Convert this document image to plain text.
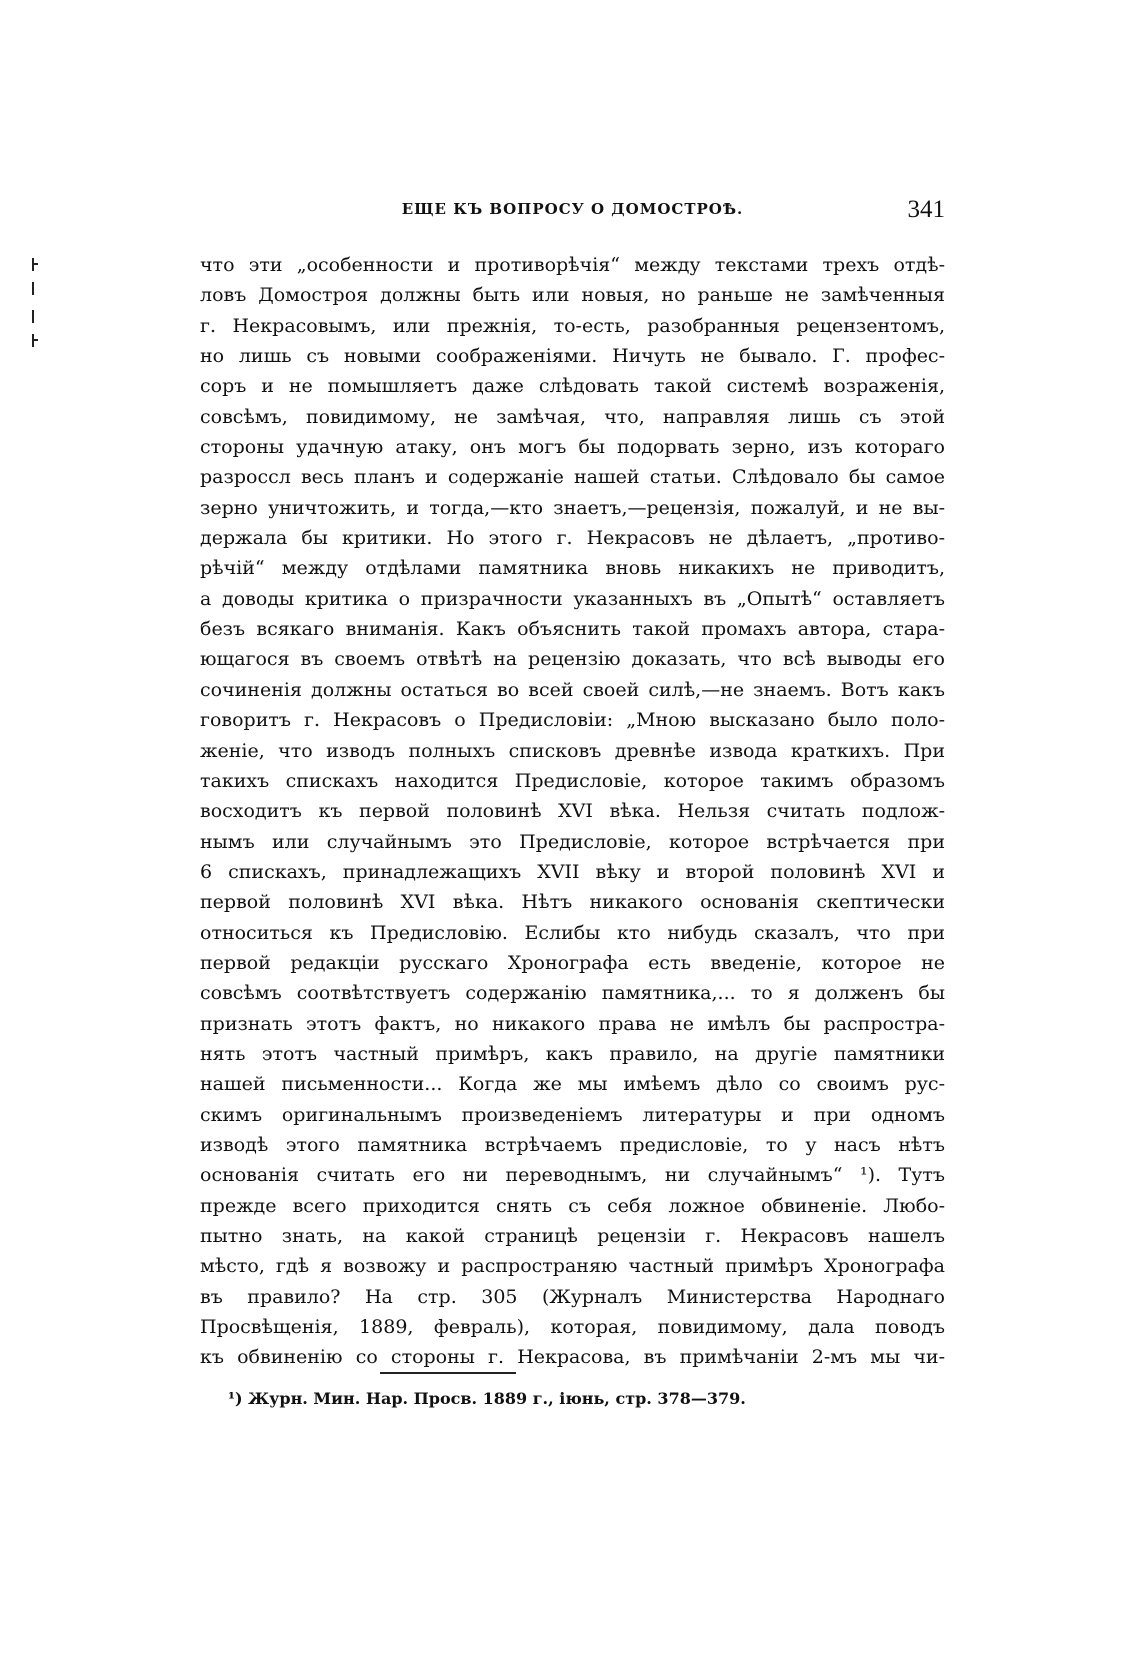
ЕЩЕ КЪ ВОПРОСУ О ДОМОСТРОѢ.	341
что эти „особенности и противорѣчія“ между текстами трехъ отдѣ-
ловъ Домостроя должны быть или новыя, но раньше не замѣченныя
г. Некрасовымъ, или прежнія, то-есть, разобранныя рецензентомъ,
но лишь съ новыми соображеніями. Ничуть не бывало. Г. профес-
соръ и не помышляетъ даже слѣдовать такой системѣ возраженія,
совсѣмъ, повидимому, не замѣчая, что, направляя лишь съ этой
стороны удачную атаку, онъ могъ бы подорвать зерно, изъ котораго
разроссл весь планъ и содержаніе нашей статьи. Слѣдовало бы самое
зерно уничтожить, и тогда,—кто знаетъ,—рецензія, пожалуй, и не вы-
держала бы критики. Но этого г. Некрасовъ не дѣлаетъ, „противо-
рѣчій“ между отдѣлами памятника вновь никакихъ не приводитъ,
а доводы критика о призрачности указанныхъ въ „Опытѣ“ оставляетъ
безъ всякаго вниманія. Какъ объяснить такой промахъ автора, стара-
ющагося въ своемъ отвѣтѣ на рецензію доказать, что всѣ выводы его
сочиненія должны остаться во всей своей силѣ,—не знаемъ. Вотъ какъ
говоритъ г. Некрасовъ о Предисловіи: „Мною высказано было поло-
женіе, что изводъ полныхъ списковъ древнѣе извода краткихъ. При
такихъ спискахъ находится Предисловіе, которое такимъ образомъ
восходитъ къ первой половинѣ XVI вѣка. Нельзя считать подлож-
нымъ или случайнымъ это Предисловіе, которое встрѣчается при
6 спискахъ, принадлежащихъ XVII вѣку и второй половинѣ XVI и
первой половинѣ XVI вѣка. Нѣтъ никакого основанія скептически
относиться къ Предисловію. Еслибы кто нибудь сказалъ, что при
первой редакціи русскаго Хронографа есть введеніе, которое не
совсѣмъ соотвѣтствуетъ содержанію памятника,... то я долженъ бы
признать этотъ фактъ, но никакого права не имѣлъ бы распростра-
нять этотъ частный примѣръ, какъ правило, на другіе памятники
нашей письменности... Когда же мы имѣемъ дѣло со своимъ рус-
скимъ оригинальнымъ произведеніемъ литературы и при одномъ
изводѣ этого памятника встрѣчаемъ предисловіе, то у насъ нѣтъ
основанія считать его ни переводнымъ, ни случайнымъ“ ¹). Тутъ
прежде всего приходится снять съ себя ложное обвиненіе. Любо-
пытно знать, на какой страницѣ рецензіи г. Некрасовъ нашелъ
мѣсто, гдѣ я возвожу и распространяю частный примѣръ Хронографа
въ правило? На стр. 305 (Журналъ Министерства Народнаго
Просвѣщенія, 1889, февраль), которая, повидимому, дала поводъ
къ обвиненію со стороны г. Некрасова, въ примѣчаніи 2-мъ мы чи-
¹) Журн. Мин. Нар. Просв. 1889 г., іюнь, стр. 378—379.
